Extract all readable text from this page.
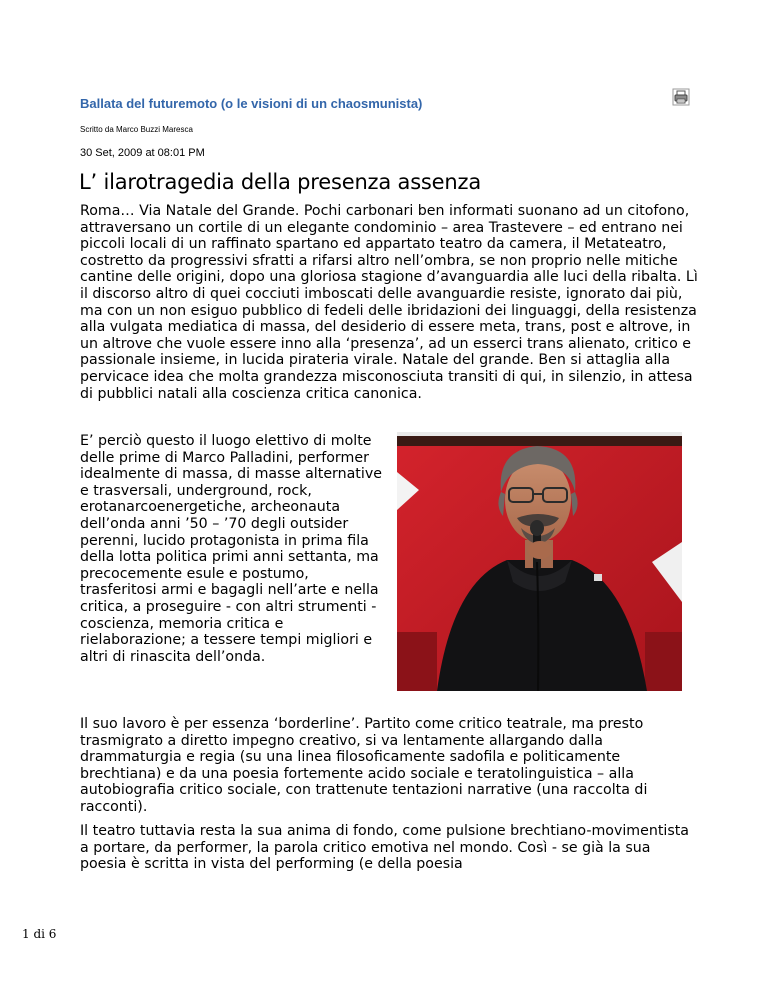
Ballata del futuremoto (o le visioni di un chaosmunista)
Scritto da Marco Buzzi Maresca
30 Set, 2009 at 08:01 PM
L’ ilarotragedia della presenza assenza

Roma… Via Natale del Grande. Pochi carbonari ben informati suonano ad un citofono, attraversano un cortile di un elegante condominio – area Trastevere – ed entrano nei piccoli locali di un raffinato spartano ed appartato teatro da camera, il Metateatro, costretto da progressivi sfratti a rifarsi altro nell’ombra, se non proprio nelle mitiche cantine delle origini, dopo una gloriosa stagione d’avanguardia alle luci della ribalta. Lì il discorso altro di quei cocciuti imboscati delle avanguardie resiste, ignorato dai più, ma con un non esiguo pubblico di fedeli delle ibridazioni dei linguaggi, della resistenza alla vulgata mediatica di massa, del desiderio di essere meta, trans, post e altrove, in un altrove che vuole essere inno alla ‘presenza’, ad un esserci trans alienato, critico e passionale insieme, in lucida pirateria virale. Natale del grande. Ben si attaglia alla pervicace idea che molta grandezza misconosciuta transiti di qui, in silenzio, in attesa di pubblici natali alla coscienza critica canonica.

E’ perciò questo il luogo elettivo di molte delle prime di Marco Palladini, performer idealmente di massa, di masse alternative e trasversali, underground, rock, erotanarcoenergetiche, archeonauta dell’onda anni ’50 – ’70 degli outsider perenni, lucido protagonista in prima fila della lotta politica primi anni settanta, ma precocemente esule e postumo, trasferitosi armi e bagagli nell’arte e nella critica, a proseguire - con altri strumenti - coscienza, memoria critica e rielaborazione; a tessere tempi migliori e altri di rinascita dell’onda.

Il suo lavoro è per essenza ‘borderline’. Partito come critico teatrale, ma presto trasmigrato a diretto impegno creativo, si va lentamente allargando dalla drammaturgia e regia (su una linea filosoficamente sadofila e politicamente brechtiana) e da una poesia fortemente acido sociale e teratolinguistica – alla autobiografia critico sociale, con trattenute tentazioni narrative (una raccolta di racconti).

Il teatro tuttavia resta la sua anima di fondo, come pulsione brechtiano-movimentista a portare, da performer, la parola critico emotiva nel mondo. Così - se già la sua poesia è scritta in vista del performing (e della poesia

1 di 6
